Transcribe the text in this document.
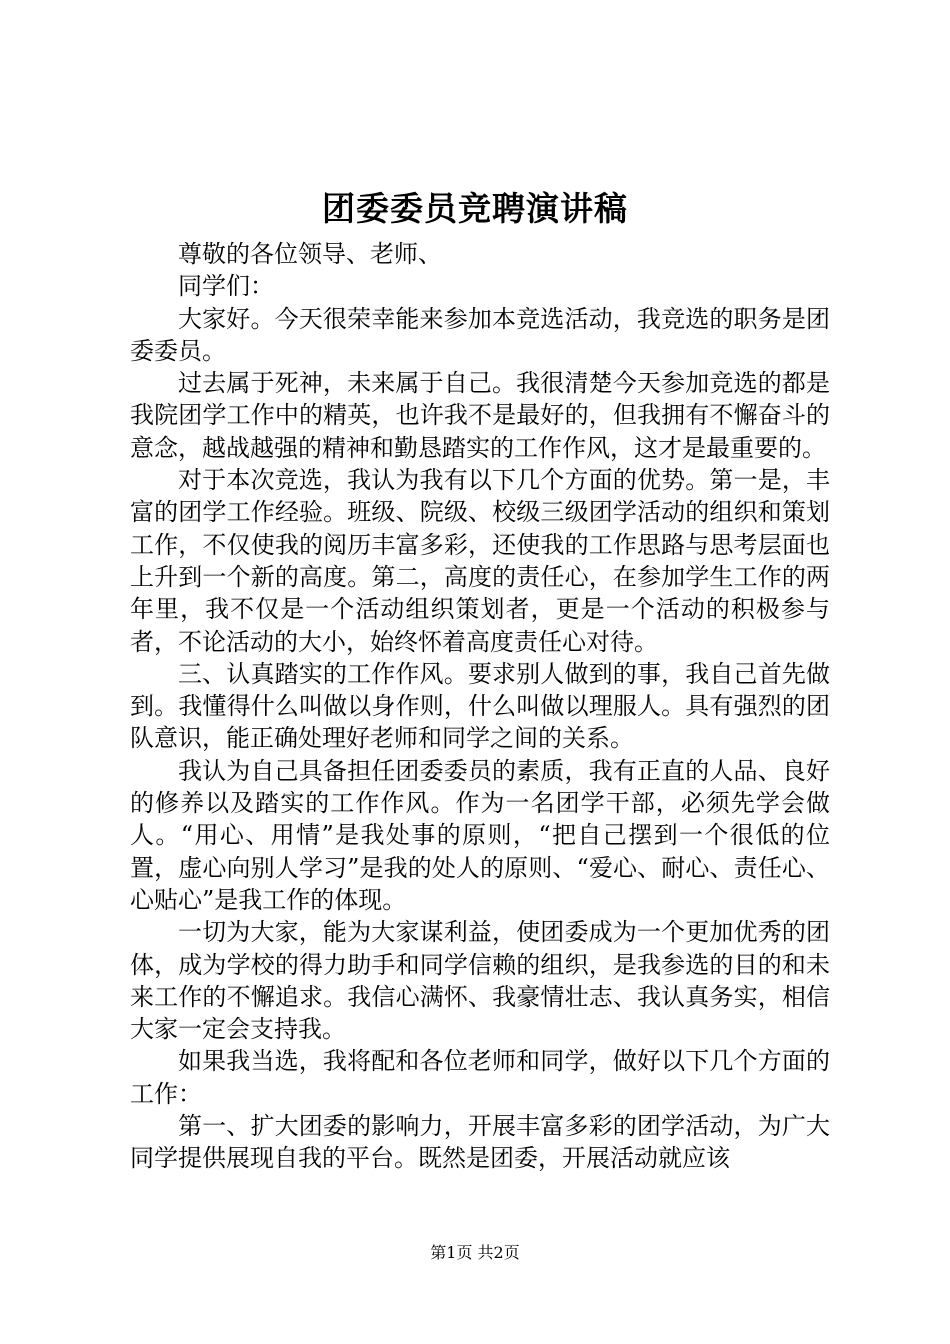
团委委员竞聘演讲稿

尊敬的各位领导、老师、

同学们：

大家好。今天很荣幸能来参加本竞选活动，我竞选的职务是团委委员。

过去属于死神，未来属于自己。我很清楚今天参加竞选的都是我院团学工作中的精英，也许我不是最好的，但我拥有不懈奋斗的意念，越战越强的精神和勤恳踏实的工作作风，这才是最重要的。

对于本次竞选，我认为我有以下几个方面的优势。第一是，丰富的团学工作经验。班级、院级、校级三级团学活动的组织和策划工作，不仅使我的阅历丰富多彩，还使我的工作思路与思考层面也上升到一个新的高度。第二，高度的责任心，在参加学生工作的两年里，我不仅是一个活动组织策划者，更是一个活动的积极参与者，不论活动的大小，始终怀着高度责任心对待。

三、认真踏实的工作作风。要求别人做到的事，我自己首先做到。我懂得什么叫做以身作则，什么叫做以理服人。具有强烈的团队意识，能正确处理好老师和同学之间的关系。

我认为自己具备担任团委委员的素质，我有正直的人品、良好的修养以及踏实的工作作风。作为一名团学干部，必须先学会做人。“用心、用情”是我处事的原则，“把自己摆到一个很低的位置，虚心向别人学习”是我的处人的原则、“爱心、耐心、责任心、心贴心”是我工作的体现。

一切为大家，能为大家谋利益，使团委成为一个更加优秀的团体，成为学校的得力助手和同学信赖的组织，是我参选的目的和未来工作的不懈追求。我信心满怀、我豪情壮志、我认真务实，相信大家一定会支持我。

如果我当选，我将配和各位老师和同学，做好以下几个方面的工作：

第一、扩大团委的影响力，开展丰富多彩的团学活动，为广大同学提供展现自我的平台。既然是团委，开展活动就应该

第1页 共2页
